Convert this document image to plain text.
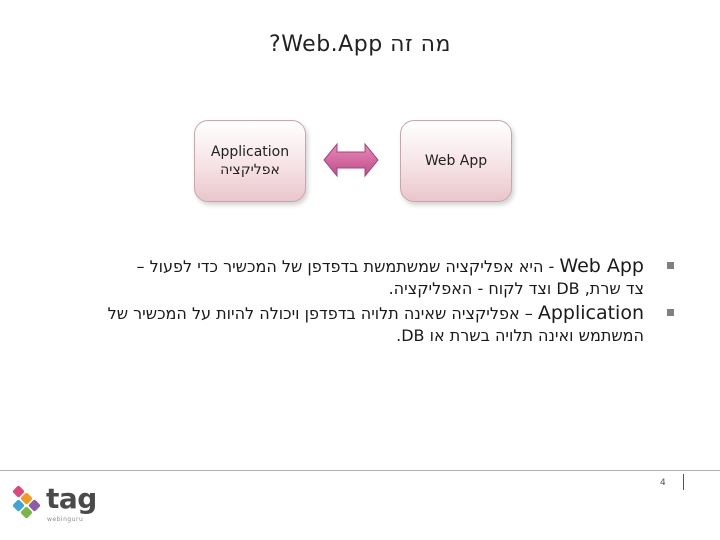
מה זה Web.App?
Application
אפליקציה
Web App
Web App - היא אפליקציה שמשתמשת בדפדפן של המכשיר כדי לפעול –
צד שרת, DB וצד לקוח - האפליקציה.
Application – אפליקציה שאינה תלויה בדפדפן ויכולה להיות על המכשיר של
המשתמש ואינה תלויה בשרת או DB.
tag
webinguru
4
